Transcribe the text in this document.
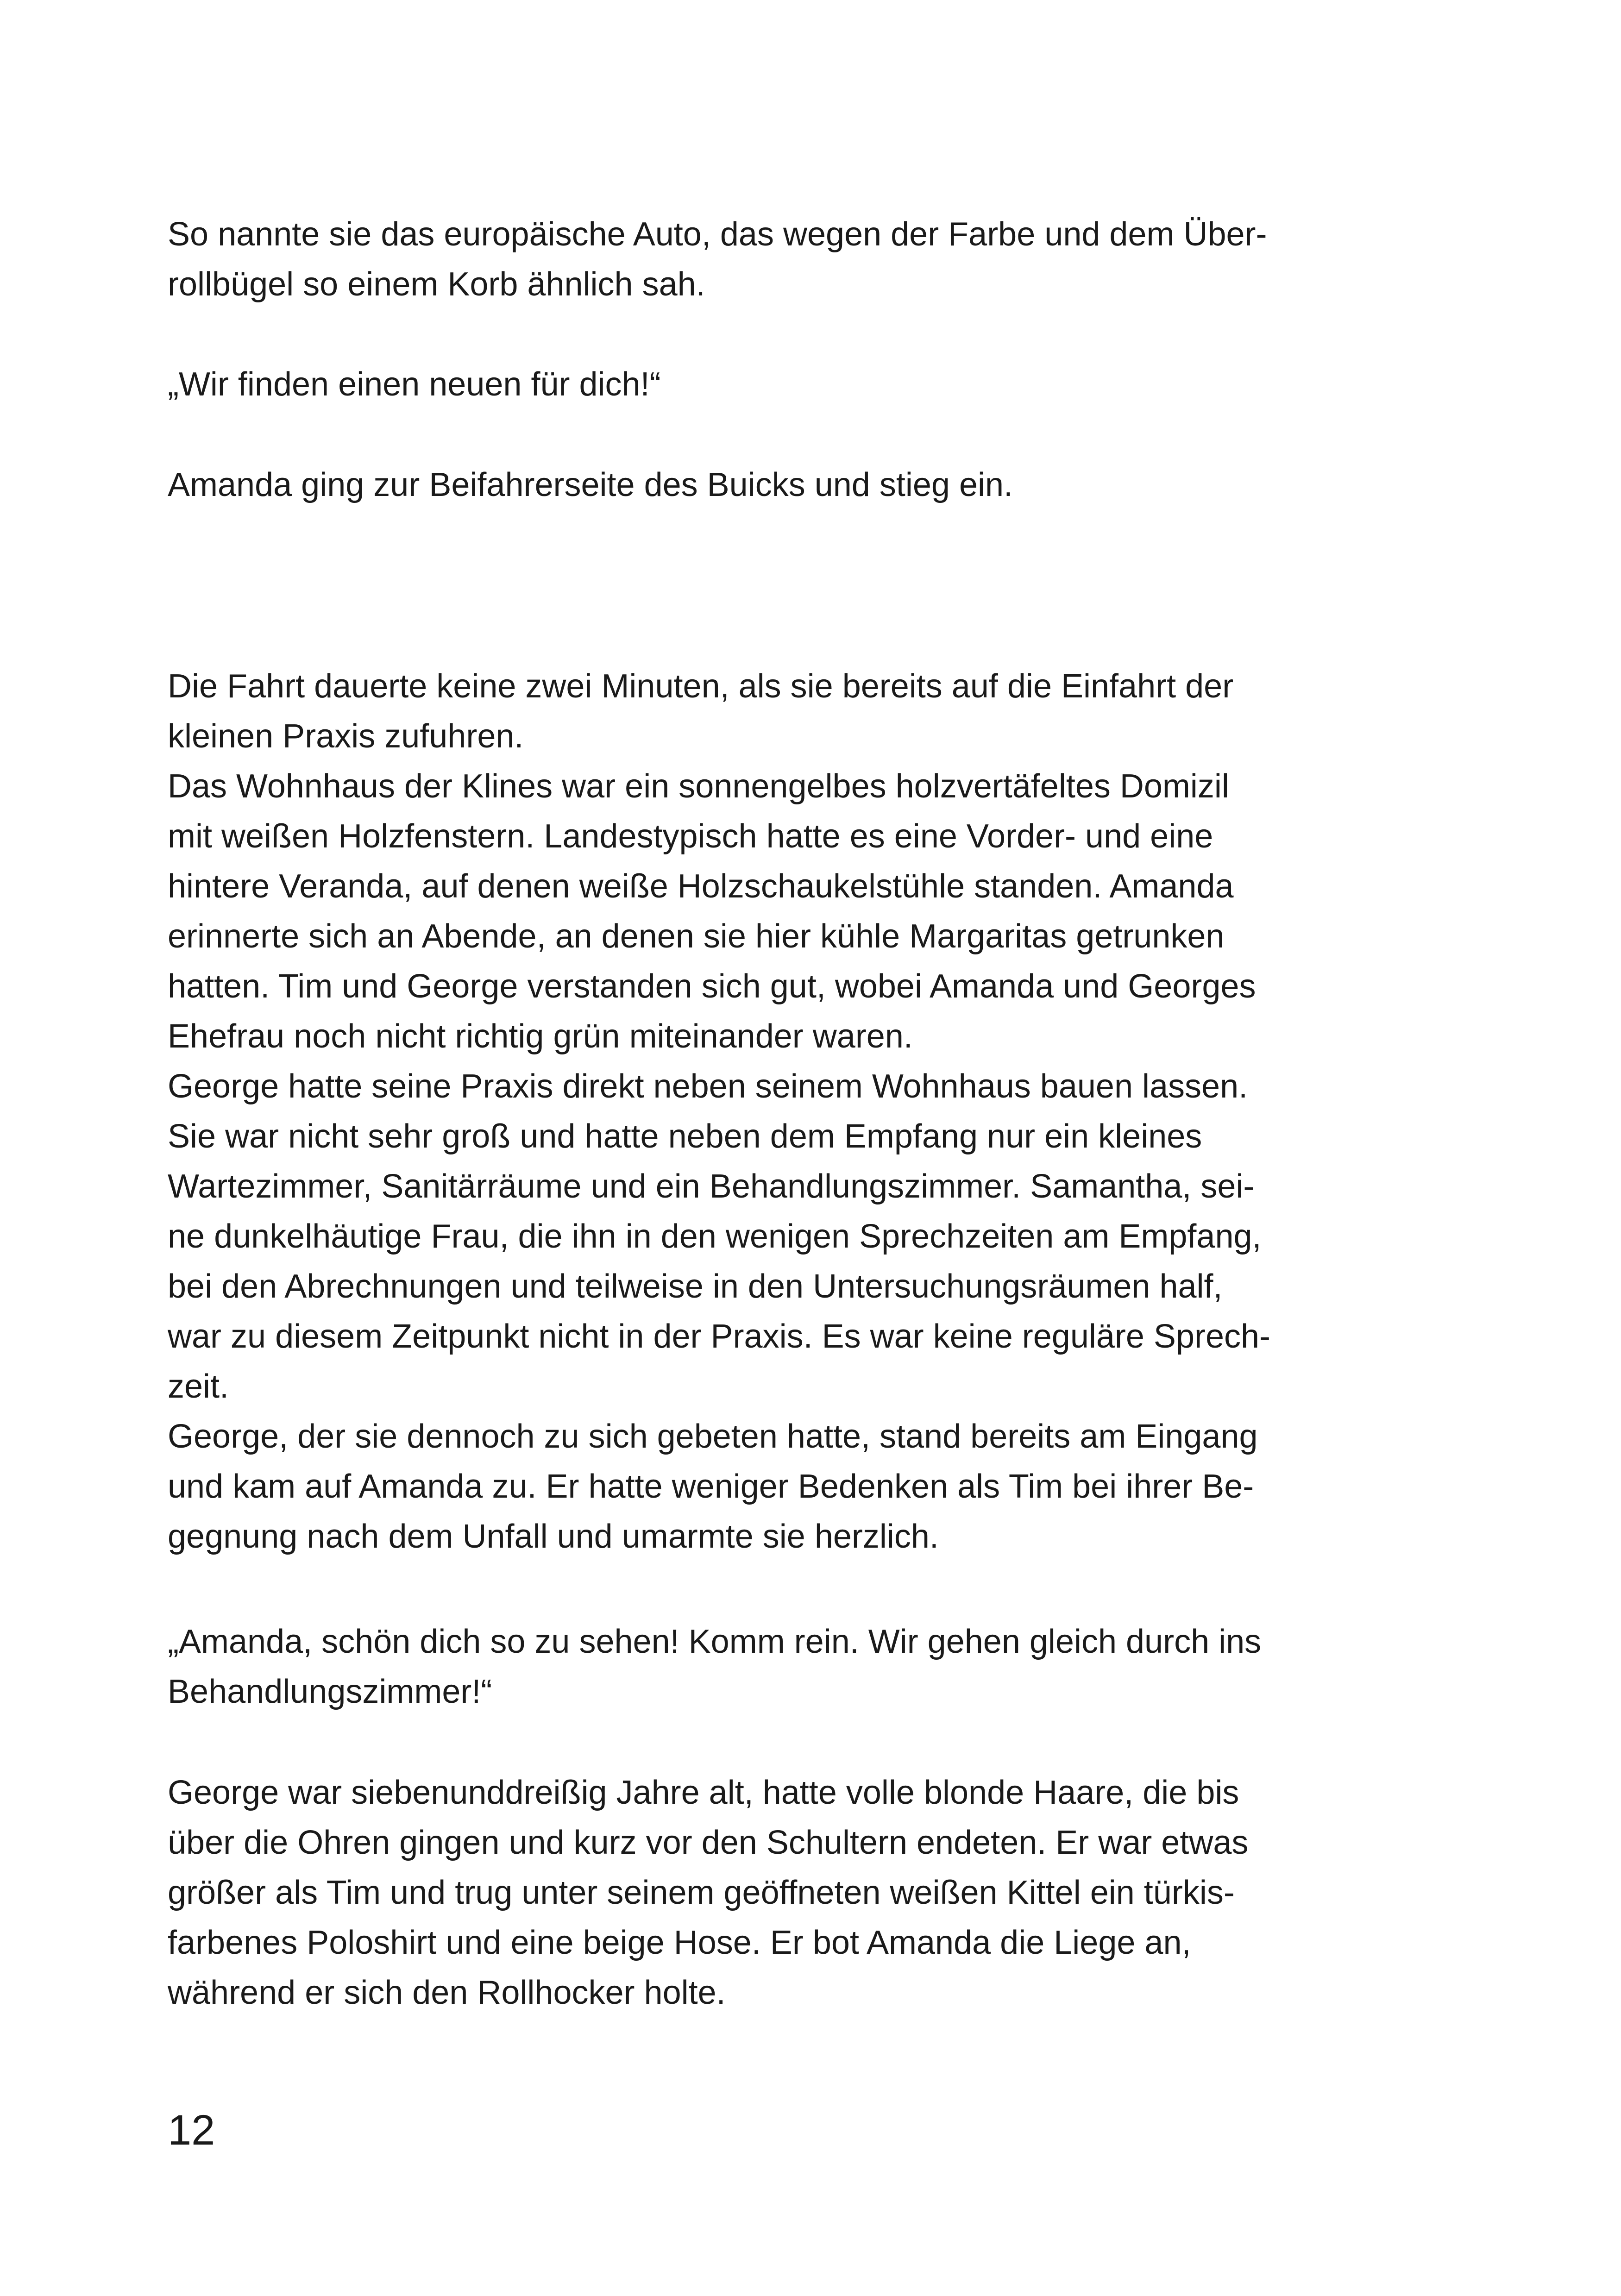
So nannte sie das europäische Auto, das wegen der Farbe und dem Über-
rollbügel so einem Korb ähnlich sah.
„Wir finden einen neuen für dich!“
Amanda ging zur Beifahrerseite des Buicks und stieg ein.
Die Fahrt dauerte keine zwei Minuten, als sie bereits auf die Einfahrt der
kleinen Praxis zufuhren.
Das Wohnhaus der Klines war ein sonnengelbes holzvertäfeltes Domizil
mit weißen Holzfenstern. Landestypisch hatte es eine Vorder- und eine
hintere Veranda, auf denen weiße Holzschaukelstühle standen. Amanda
erinnerte sich an Abende, an denen sie hier kühle Margaritas getrunken
hatten. Tim und George verstanden sich gut, wobei Amanda und Georges
Ehefrau noch nicht richtig grün miteinander waren.
George hatte seine Praxis direkt neben seinem Wohnhaus bauen lassen.
Sie war nicht sehr groß und hatte neben dem Empfang nur ein kleines
Wartezimmer, Sanitärräume und ein Behandlungszimmer. Samantha, sei-
ne dunkelhäutige Frau, die ihn in den wenigen Sprechzeiten am Empfang,
bei den Abrechnungen und teilweise in den Untersuchungsräumen half,
war zu diesem Zeitpunkt nicht in der Praxis. Es war keine reguläre Sprech-
zeit.
George, der sie dennoch zu sich gebeten hatte, stand bereits am Eingang
und kam auf Amanda zu. Er hatte weniger Bedenken als Tim bei ihrer Be-
gegnung nach dem Unfall und umarmte sie herzlich.
„Amanda, schön dich so zu sehen! Komm rein. Wir gehen gleich durch ins
Behandlungszimmer!“
George war siebenunddreißig Jahre alt, hatte volle blonde Haare, die bis
über die Ohren gingen und kurz vor den Schultern endeten. Er war etwas
größer als Tim und trug unter seinem geöffneten weißen Kittel ein türkis-
farbenes Poloshirt und eine beige Hose. Er bot Amanda die Liege an,
während er sich den Rollhocker holte.
12
